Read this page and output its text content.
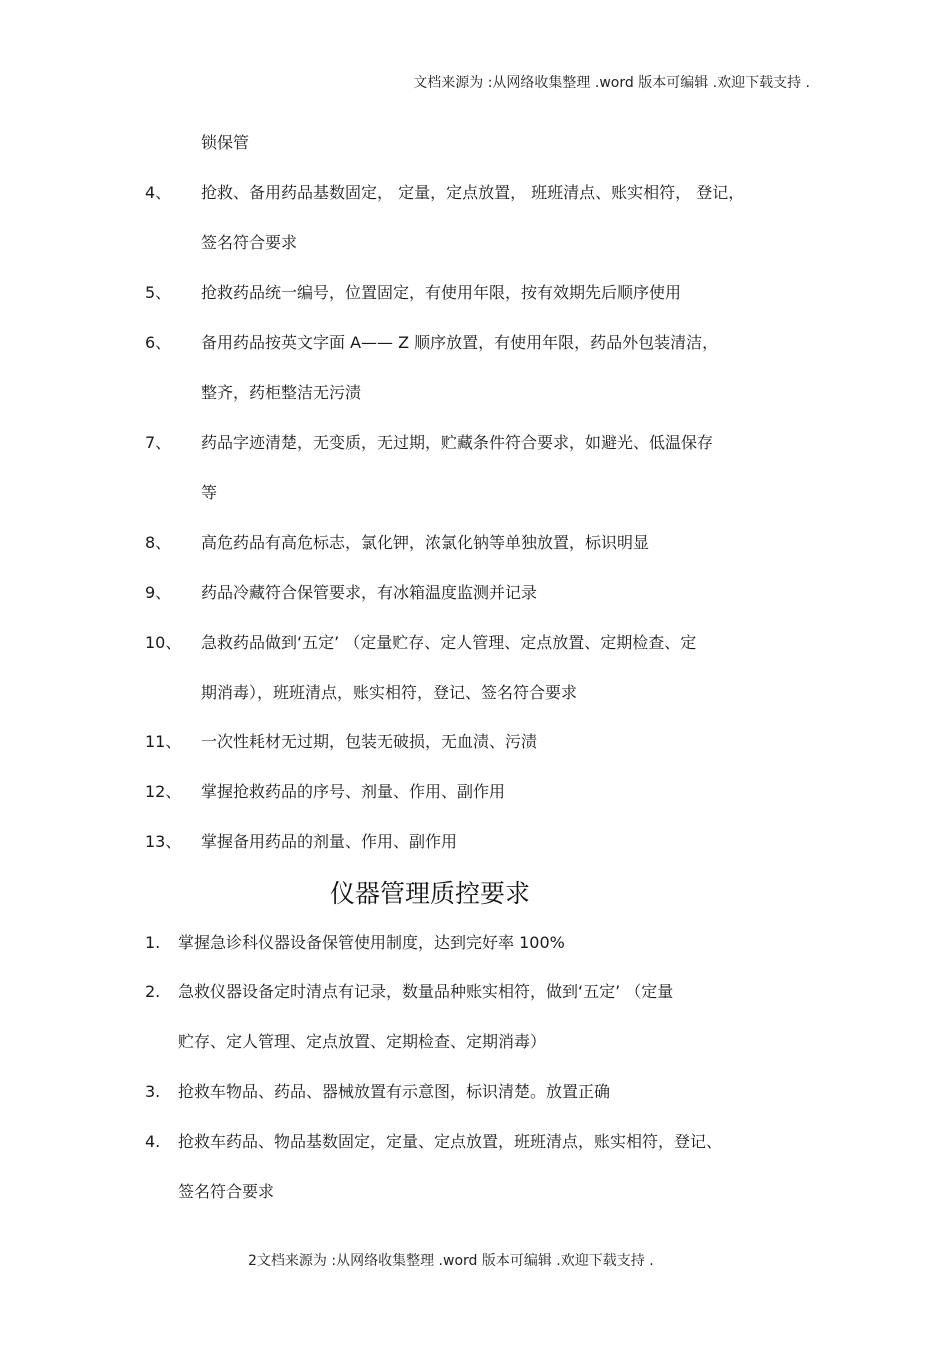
文档来源为 :从网络收集整理 .word 版本可编辑 .欢迎下载支持 .
锁保管
4、 抢救、备用药品基数固定， 定量，定点放置， 班班清点、账实相符， 登记，
签名符合要求
5、 抢救药品统一编号，位置固定，有使用年限，按有效期先后顺序使用
6、 备用药品按英文字面 A—— Z 顺序放置，有使用年限，药品外包装清洁，
整齐，药柜整洁无污渍
7、 药品字迹清楚，无变质，无过期，贮藏条件符合要求，如避光、低温保存
等
8、 高危药品有高危标志，氯化钾，浓氯化钠等单独放置，标识明显
9、 药品冷藏符合保管要求，有冰箱温度监测并记录
10、 急救药品做到‘五定’ （定量贮存、定人管理、定点放置、定期检查、定
期消毒），班班清点，账实相符，登记、签名符合要求
11、 一次性耗材无过期，包装无破损，无血渍、污渍
12、 掌握抢救药品的序号、剂量、作用、副作用
13、 掌握备用药品的剂量、作用、副作用
仪器管理质控要求
1. 掌握急诊科仪器设备保管使用制度，达到完好率 100%
2. 急救仪器设备定时清点有记录，数量品种账实相符，做到‘五定’ （定量
贮存、定人管理、定点放置、定期检查、定期消毒）
3. 抢救车物品、药品、器械放置有示意图，标识清楚。放置正确
4. 抢救车药品、物品基数固定，定量、定点放置，班班清点，账实相符，登记、
签名符合要求
2文档来源为 :从网络收集整理 .word 版本可编辑 .欢迎下载支持 .
